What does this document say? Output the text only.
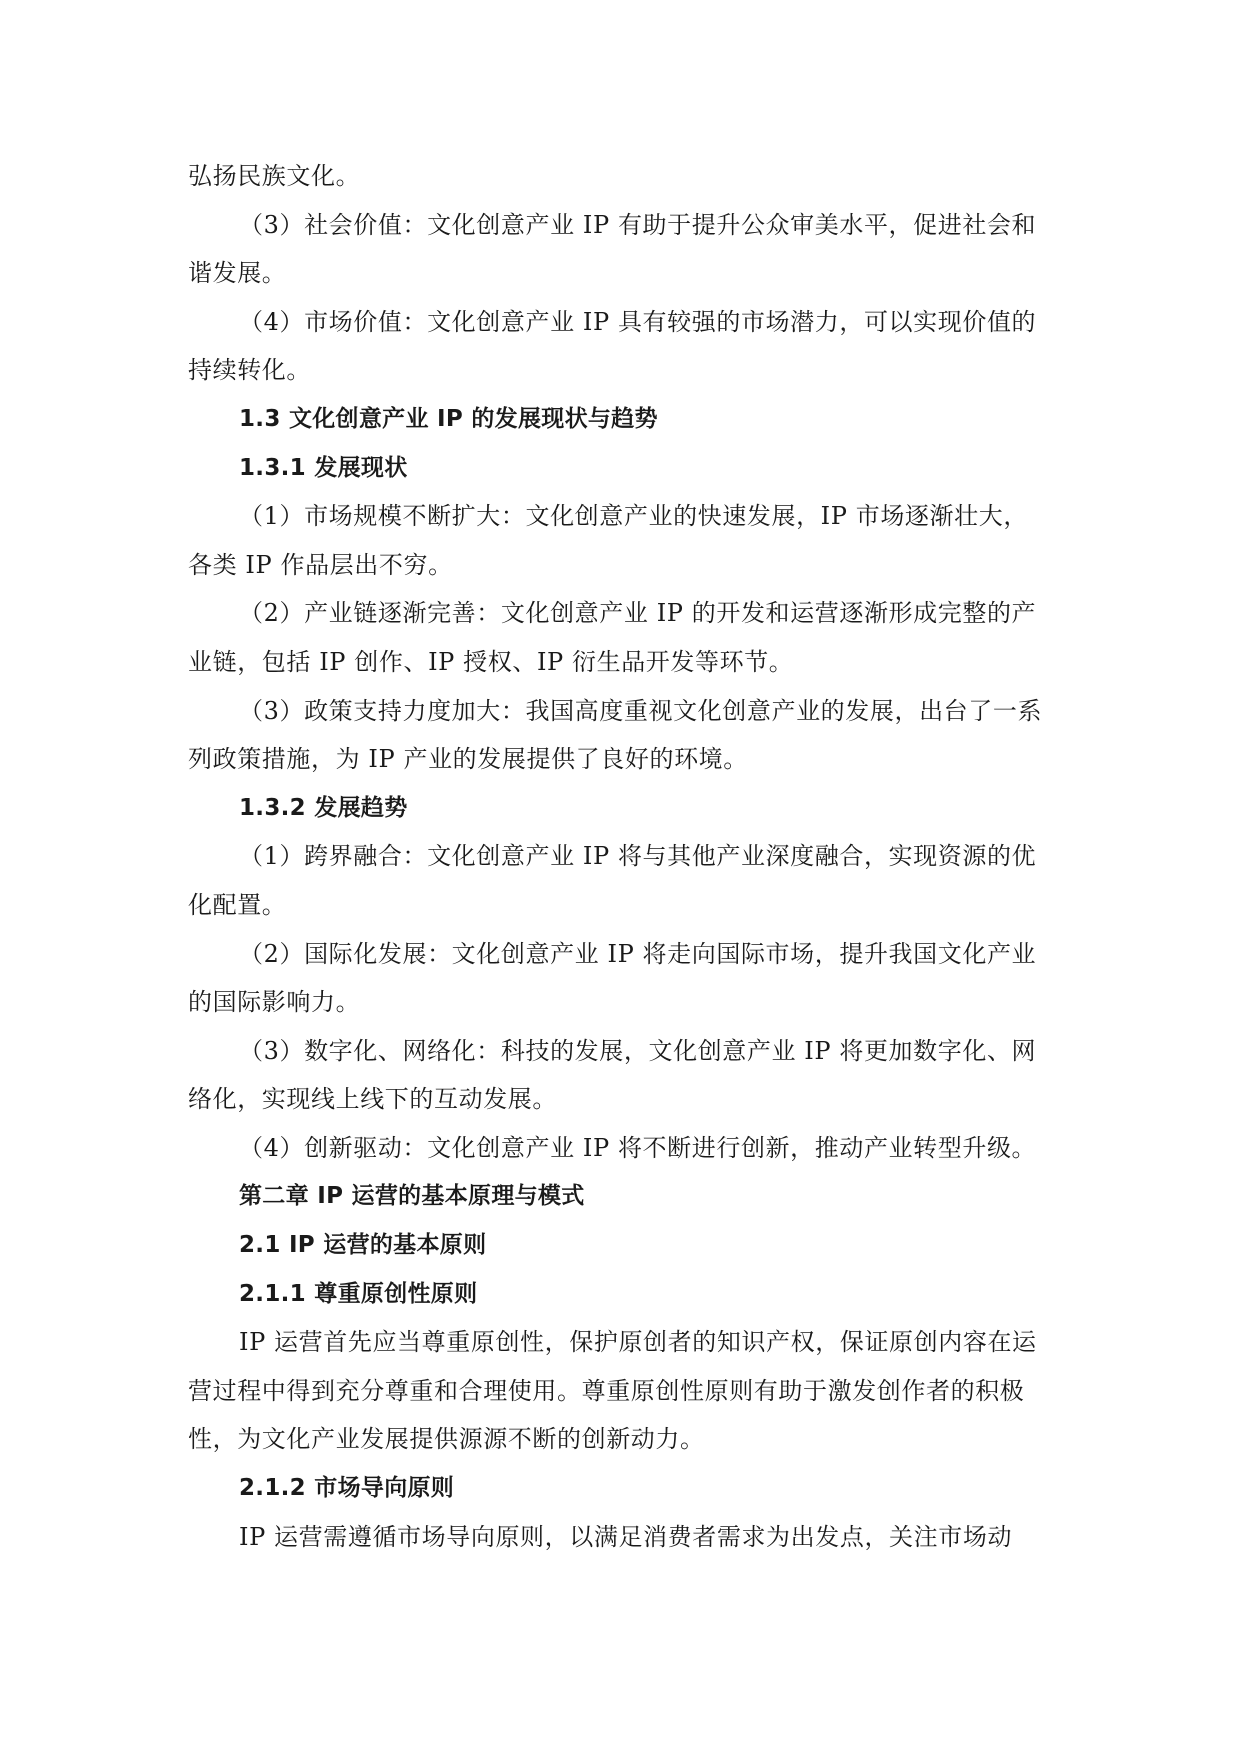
弘扬民族文化。
（3）社会价值：文化创意产业 IP 有助于提升公众审美水平，促进社会和
谐发展。
（4）市场价值：文化创意产业 IP 具有较强的市场潜力，可以实现价值的
持续转化。
1.3 文化创意产业 IP 的发展现状与趋势
1.3.1 发展现状
（1）市场规模不断扩大：文化创意产业的快速发展，IP 市场逐渐壮大，
各类 IP 作品层出不穷。
（2）产业链逐渐完善：文化创意产业 IP 的开发和运营逐渐形成完整的产
业链，包括 IP 创作、IP 授权、IP 衍生品开发等环节。
（3）政策支持力度加大：我国高度重视文化创意产业的发展，出台了一系
列政策措施，为 IP 产业的发展提供了良好的环境。
1.3.2 发展趋势
（1）跨界融合：文化创意产业 IP 将与其他产业深度融合，实现资源的优
化配置。
（2）国际化发展：文化创意产业 IP 将走向国际市场，提升我国文化产业
的国际影响力。
（3）数字化、网络化：科技的发展，文化创意产业 IP 将更加数字化、网
络化，实现线上线下的互动发展。
（4）创新驱动：文化创意产业 IP 将不断进行创新，推动产业转型升级。
第二章 IP 运营的基本原理与模式
2.1 IP 运营的基本原则
2.1.1 尊重原创性原则
IP 运营首先应当尊重原创性，保护原创者的知识产权，保证原创内容在运
营过程中得到充分尊重和合理使用。尊重原创性原则有助于激发创作者的积极
性，为文化产业发展提供源源不断的创新动力。
2.1.2 市场导向原则
IP 运营需遵循市场导向原则，以满足消费者需求为出发点，关注市场动
